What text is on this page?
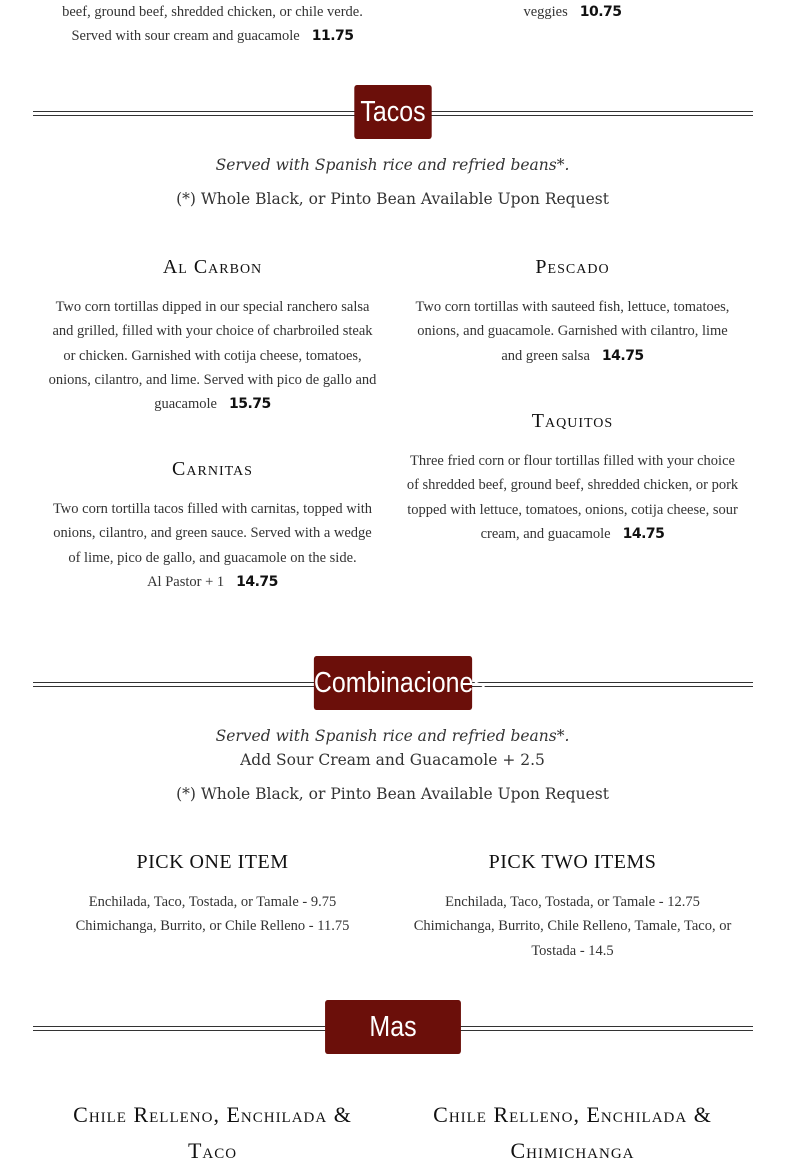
beef, ground beef, shredded chicken, or chile verde.
Served with sour cream and guacamole 11.75
veggies 10.75
Tacos
Served with Spanish rice and refried beans*.
(*) Whole Black, or Pinto Bean Available Upon Request
Al Carbon
Two corn tortillas dipped in our special ranchero salsa and grilled, filled with your choice of charbroiled steak or chicken. Garnished with cotija cheese, tomatoes, onions, cilantro, and lime. Served with pico de gallo and guacamole 15.75
Pescado
Two corn tortillas with sauteed fish, lettuce, tomatoes, onions, and guacamole. Garnished with cilantro, lime and green salsa 14.75
Carnitas
Two corn tortilla tacos filled with carnitas, topped with onions, cilantro, and green sauce. Served with a wedge of lime, pico de gallo, and guacamole on the side.
Al Pastor + 1 14.75
Taquitos
Three fried corn or flour tortillas filled with your choice of shredded beef, ground beef, shredded chicken, or pork topped with lettuce, tomatoes, onions, cotija cheese, sour cream, and guacamole 14.75
Combinaciones
Served with Spanish rice and refried beans*.
Add Sour Cream and Guacamole + 2.5
(*) Whole Black, or Pinto Bean Available Upon Request
PICK ONE ITEM
Enchilada, Taco, Tostada, or Tamale - 9.75
Chimichanga, Burrito, or Chile Relleno - 11.75
PICK TWO ITEMS
Enchilada, Taco, Tostada, or Tamale - 12.75
Chimichanga, Burrito, Chile Relleno, Tamale, Taco, or Tostada - 14.5
Mas Combos
Chile Relleno, Enchilada & Taco
Chile Relleno, Enchilada & Chimichanga
